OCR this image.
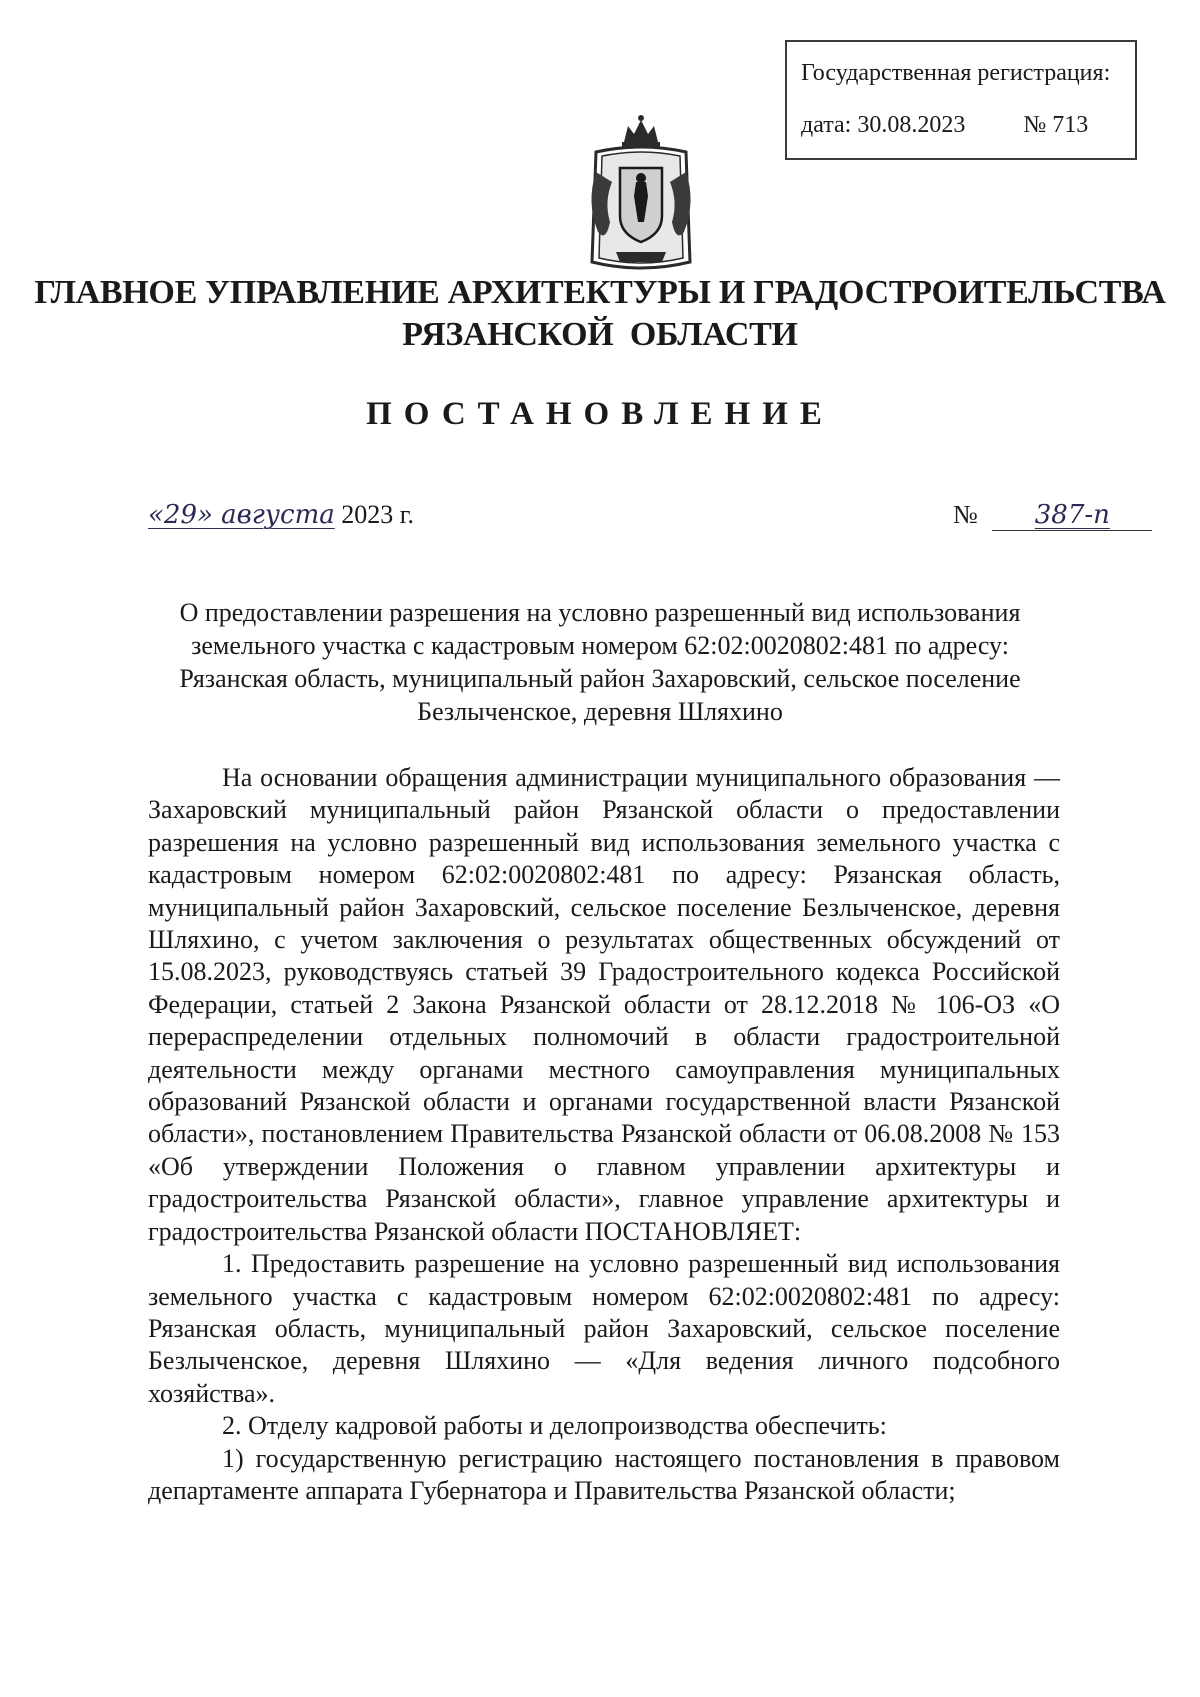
Государственная регистрация:
дата: 30.08.2023 № 713
ГЛАВНОЕ УПРАВЛЕНИЕ АРХИТЕКТУРЫ И ГРАДОСТРОИТЕЛЬСТВА
РЯЗАНСКОЙ  ОБЛАСТИ
ПОСТАНОВЛЕНИЕ
«29» августа 2023 г.	№ 387-п
О предоставлении разрешения на условно разрешенный вид использования земельного участка с кадастровым номером 62:02:0020802:481 по адресу: Рязанская область, муниципальный район Захаровский, сельское поселение Безлыченское, деревня Шляхино

На основании обращения администрации муниципального образования — Захаровский муниципальный район Рязанской области о предоставлении разрешения на условно разрешенный вид использования земельного участка с кадастровым номером 62:02:0020802:481 по адресу: Рязанская область, муниципальный район Захаровский, сельское поселение Безлыченское, деревня Шляхино, с учетом заключения о результатах общественных обсуждений от 15.08.2023, руководствуясь статьей 39 Градостроительного кодекса Российской Федерации, статьей 2 Закона Рязанской области от 28.12.2018 № 106-ОЗ «О перераспределении отдельных полномочий в области градостроительной деятельности между органами местного самоуправления муниципальных образований Рязанской области и органами государственной власти Рязанской области», постановлением Правительства Рязанской области от 06.08.2008 № 153 «Об утверждении Положения о главном управлении архитектуры и градостроительства Рязанской области», главное управление архитектуры и градостроительства Рязанской области ПОСТАНОВЛЯЕТ:

1. Предоставить разрешение на условно разрешенный вид использования земельного участка с кадастровым номером 62:02:0020802:481 по адресу: Рязанская область, муниципальный район Захаровский, сельское поселение Безлыченское, деревня Шляхино — «Для ведения личного подсобного хозяйства».

2. Отделу кадровой работы и делопроизводства обеспечить:

1) государственную регистрацию настоящего постановления в правовом департаменте аппарата Губернатора и Правительства Рязанской области;
